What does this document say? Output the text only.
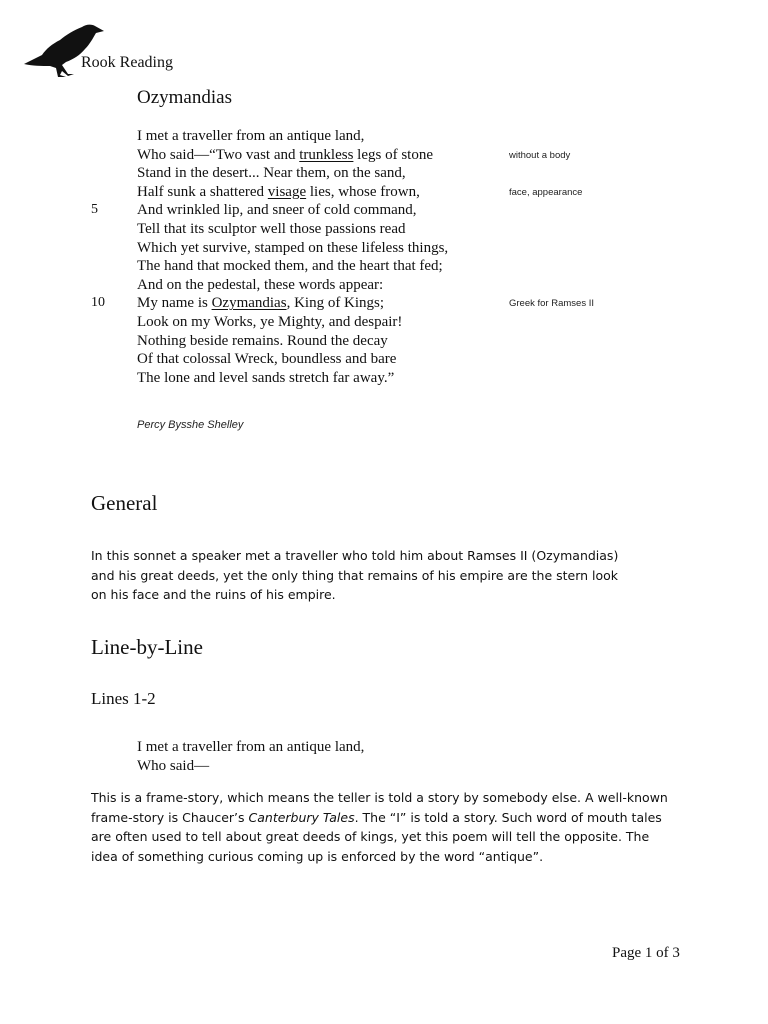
Rook Reading
Ozymandias
I met a traveller from an antique land,
Who said—“Two vast and trunkless legs of stone	without a body
Stand in the desert... Near them, on the sand,
Half sunk a shattered visage lies, whose frown,	face, appearance
5	And wrinkled lip, and sneer of cold command,
Tell that its sculptor well those passions read
Which yet survive, stamped on these lifeless things,
The hand that mocked them, and the heart that fed;
And on the pedestal, these words appear:
10 My name is Ozymandias, King of Kings;	Greek for Ramses II
Look on my Works, ye Mighty, and despair!
Nothing beside remains. Round the decay
Of that colossal Wreck, boundless and bare
The lone and level sands stretch far away.”
Percy Bysshe Shelley
General
In this sonnet a speaker met a traveller who told him about Ramses II (Ozymandias)
and his great deeds, yet the only thing that remains of his empire are the stern look
on his face and the ruins of his empire.
Line-by-Line
Lines 1-2
I met a traveller from an antique land,
Who said—
This is a frame-story, which means the teller is told a story by somebody else. A well-known
frame-story is Chaucer’s Canterbury Tales. The “I” is told a story. Such word of mouth tales
are often used to tell about great deeds of kings, yet this poem will tell the opposite. The
idea of something curious coming up is enforced by the word “antique”.
Page 1 of 3
